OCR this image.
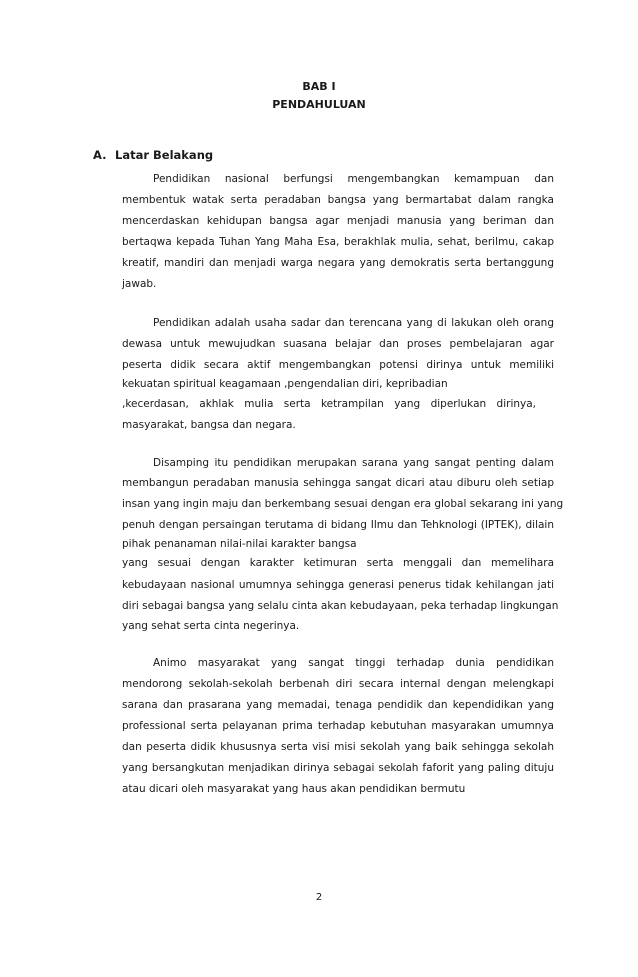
BAB I
PENDAHULUAN
A. Latar Belakang
Pendidikan nasional berfungsi mengembangkan kemampuan dan
membentuk watak serta peradaban bangsa yang bermartabat dalam rangka
mencerdaskan kehidupan bangsa agar menjadi manusia yang beriman dan
bertaqwa kepada Tuhan Yang Maha Esa, berakhlak mulia, sehat, berilmu, cakap
kreatif, mandiri dan menjadi warga negara yang demokratis serta bertanggung
jawab.
Pendidikan adalah usaha sadar dan terencana yang di lakukan oleh orang
dewasa untuk mewujudkan suasana belajar dan proses pembelajaran agar
peserta didik secara aktif mengembangkan potensi dirinya untuk memiliki
kekuatan spiritual keagamaan ,pengendalian diri, kepribadian
,kecerdasan, akhlak mulia serta ketrampilan yang diperlukan dirinya,
masyarakat, bangsa dan negara.
Disamping itu pendidikan merupakan sarana yang sangat penting dalam
membangun peradaban manusia sehingga sangat dicari atau diburu oleh setiap
insan yang ingin maju dan berkembang sesuai dengan era global sekarang ini yang
penuh dengan persaingan terutama di bidang Ilmu dan Tehknologi (IPTEK), dilain
pihak penanaman nilai-nilai karakter bangsa
yang sesuai dengan karakter ketimuran serta menggali dan memelihara
kebudayaan nasional umumnya sehingga generasi penerus tidak kehilangan jati
diri sebagai bangsa yang selalu cinta akan kebudayaan, peka terhadap lingkungan
yang sehat serta cinta negerinya.
Animo masyarakat yang sangat tinggi terhadap dunia pendidikan
mendorong sekolah-sekolah berbenah diri secara internal dengan melengkapi
sarana dan prasarana yang memadai, tenaga pendidik dan kependidikan yang
professional serta pelayanan prima terhadap kebutuhan masyarakan umumnya
dan peserta didik khususnya serta visi misi sekolah yang baik sehingga sekolah
yang bersangkutan menjadikan dirinya sebagai sekolah faforit yang paling dituju
atau dicari oleh masyarakat yang haus akan pendidikan bermutu
2
